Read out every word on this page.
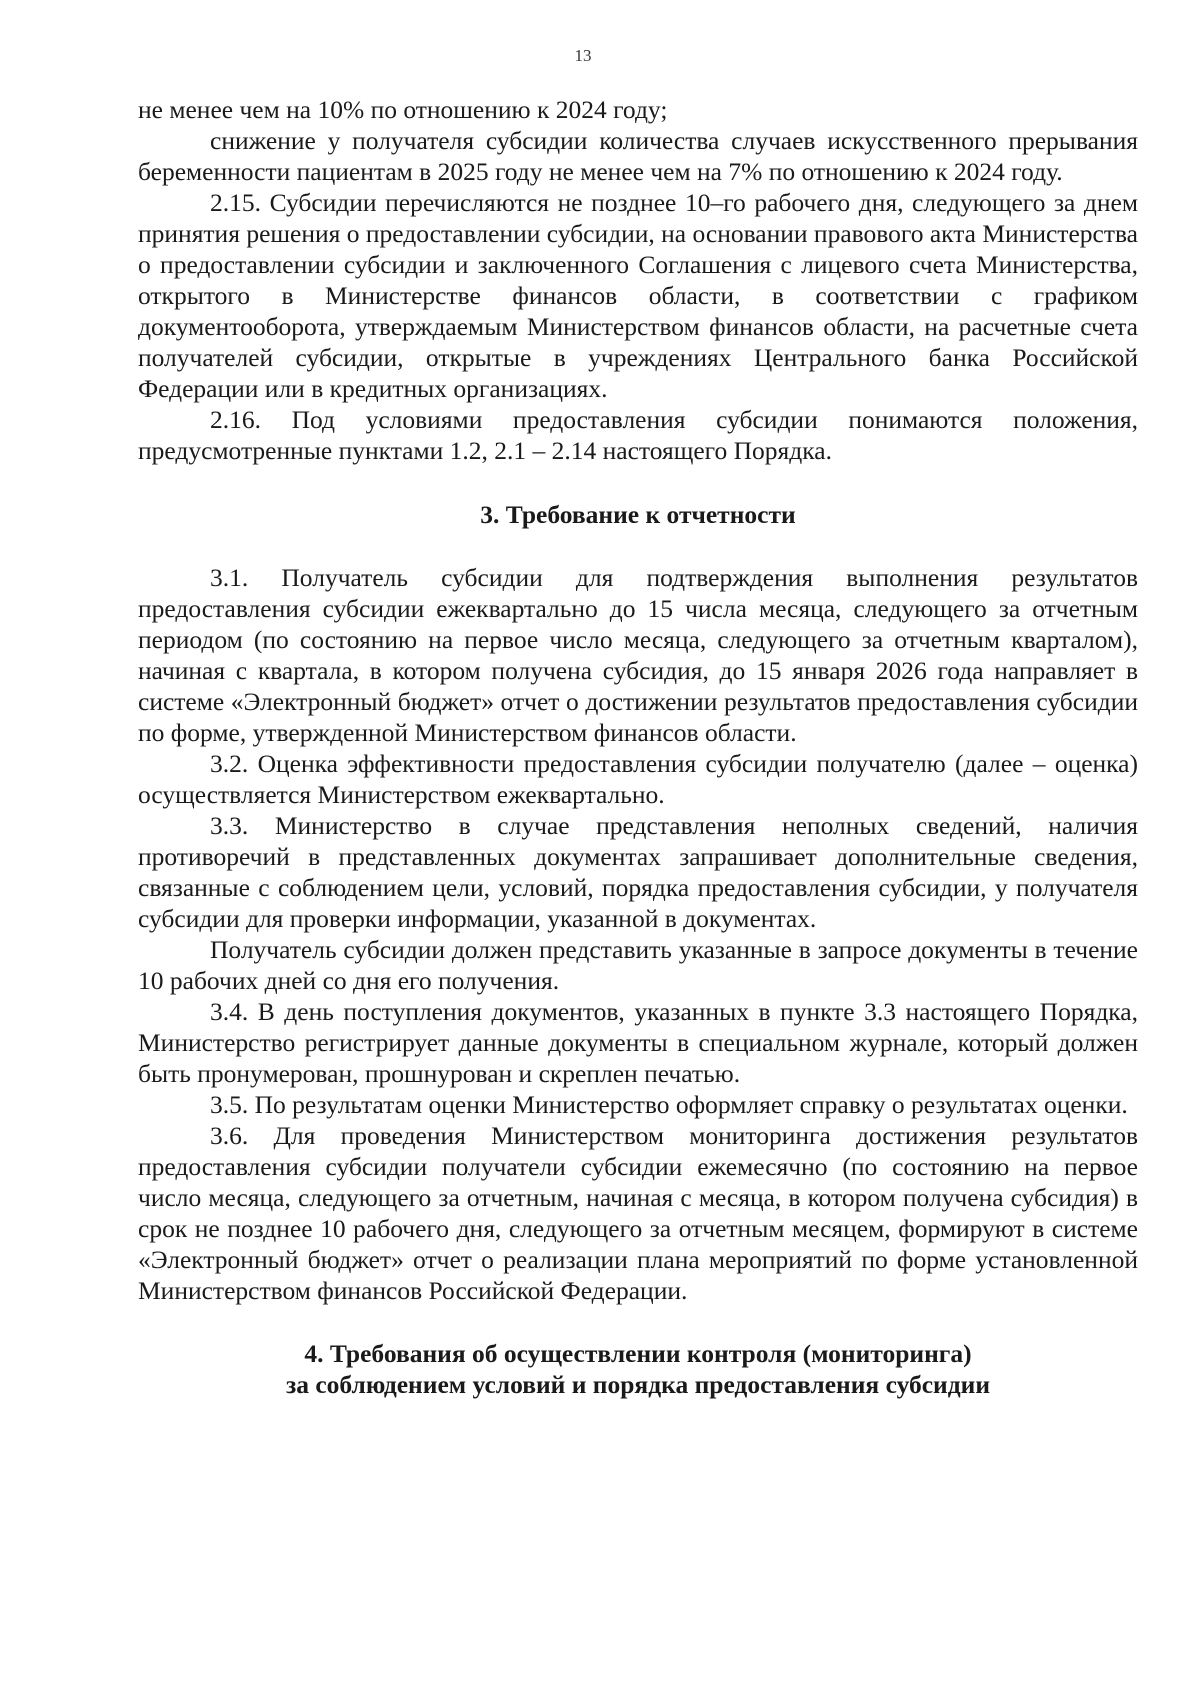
13

не менее чем на 10% по отношению к 2024 году;

снижение у получателя субсидии количества случаев искусственного прерывания беременности пациентам в 2025 году не менее чем на 7% по отношению к 2024 году.

2.15. Субсидии перечисляются не позднее 10–го рабочего дня, следующего за днем принятия решения о предоставлении субсидии, на основании правового акта Министерства о предоставлении субсидии и заключенного Соглашения с лицевого счета Министерства, открытого в Министерстве финансов области, в соответствии с графиком документооборота, утверждаемым Министерством финансов области, на расчетные счета получателей субсидии, открытые в учреждениях Центрального банка Российской Федерации или в кредитных организациях.

2.16. Под условиями предоставления субсидии понимаются положения, предусмотренные пунктами 1.2, 2.1 – 2.14 настоящего Порядка.

3. Требование к отчетности

3.1. Получатель субсидии для подтверждения выполнения результатов предоставления субсидии ежеквартально до 15 числа месяца, следующего за отчетным периодом (по состоянию на первое число месяца, следующего за отчетным кварталом), начиная с квартала, в котором получена субсидия, до 15 января 2026 года направляет в системе «Электронный бюджет» отчет о достижении результатов предоставления субсидии по форме, утвержденной Министерством финансов области.

3.2. Оценка эффективности предоставления субсидии получателю (далее – оценка) осуществляется Министерством ежеквартально.

3.3. Министерство в случае представления неполных сведений, наличия противоречий в представленных документах запрашивает дополнительные сведения, связанные с соблюдением цели, условий, порядка предоставления субсидии, у получателя субсидии для проверки информации, указанной в документах.

Получатель субсидии должен представить указанные в запросе документы в течение 10 рабочих дней со дня его получения.

3.4. В день поступления документов, указанных в пункте 3.3 настоящего Порядка, Министерство регистрирует данные документы в специальном журнале, который должен быть пронумерован, прошнурован и скреплен печатью.

3.5. По результатам оценки Министерство оформляет справку о результатах оценки.

3.6. Для проведения Министерством мониторинга достижения результатов предоставления субсидии получатели субсидии ежемесячно (по состоянию на первое число месяца, следующего за отчетным, начиная с месяца, в котором получена субсидия) в срок не позднее 10 рабочего дня, следующего за отчетным месяцем, формируют в системе «Электронный бюджет» отчет о реализации плана мероприятий по форме установленной Министерством финансов Российской Федерации.

4. Требования об осуществлении контроля (мониторинга)
за соблюдением условий и порядка предоставления субсидии
